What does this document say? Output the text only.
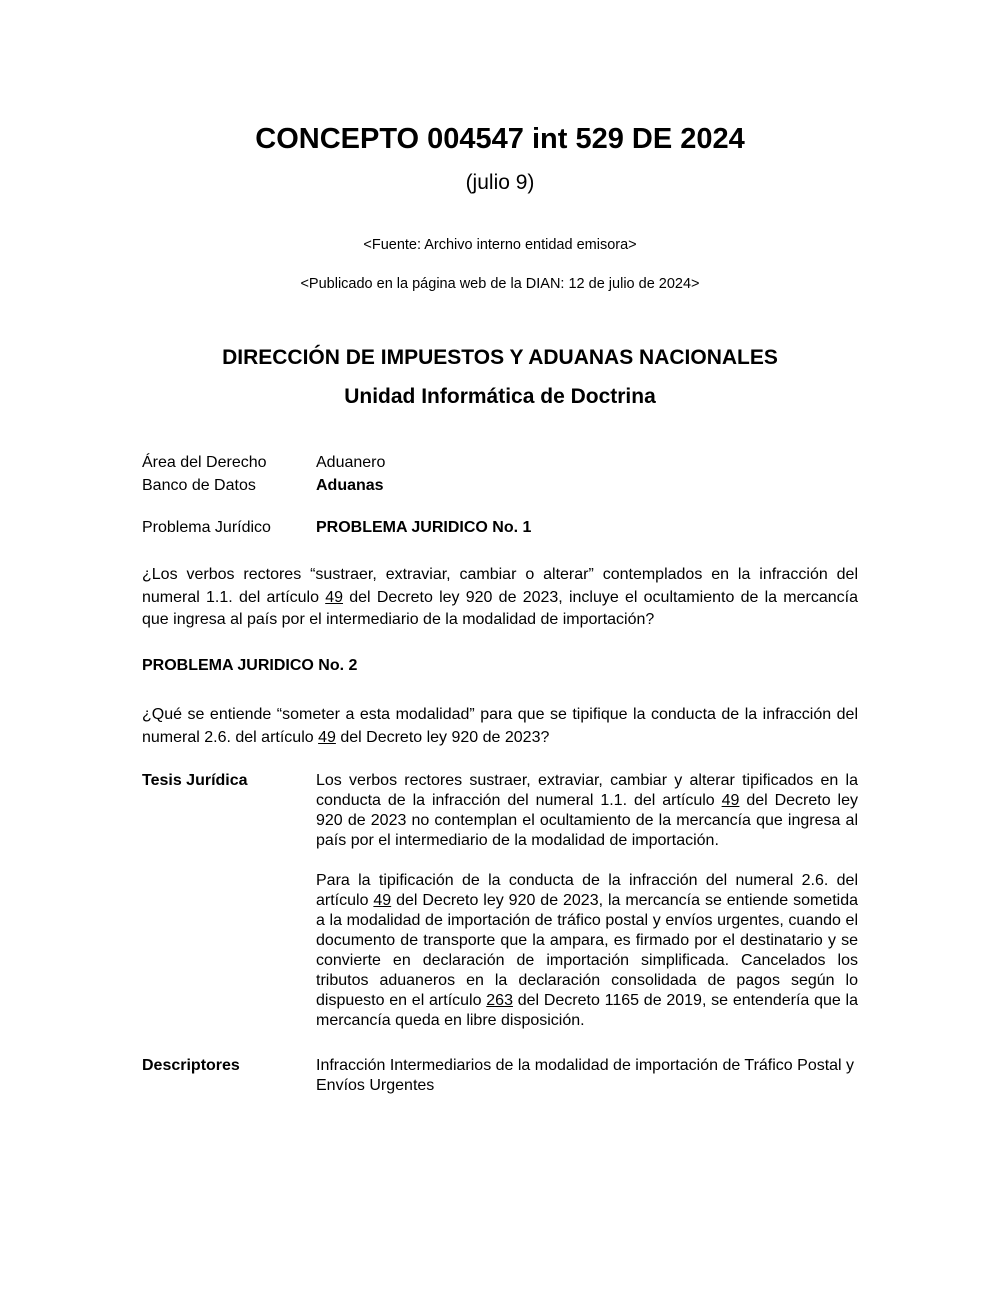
CONCEPTO 004547 int 529 DE 2024
(julio 9)
<Fuente: Archivo interno entidad emisora>
<Publicado en la página web de la DIAN: 12 de julio de 2024>
DIRECCIÓN DE IMPUESTOS Y ADUANAS NACIONALES
Unidad Informática de Doctrina
Área del Derecho	Aduanero
Banco de Datos	Aduanas
Problema Jurídico	PROBLEMA JURIDICO No. 1
¿Los verbos rectores “sustraer, extraviar, cambiar o alterar” contemplados en la infracción del numeral 1.1. del artículo 49 del Decreto ley 920 de 2023, incluye el ocultamiento de la mercancía que ingresa al país por el intermediario de la modalidad de importación?
PROBLEMA JURIDICO No. 2
¿Qué se entiende “someter a esta modalidad” para que se tipifique la conducta de la infracción del numeral 2.6. del artículo 49 del Decreto ley 920 de 2023?
Tesis Jurídica	Los verbos rectores sustraer, extraviar, cambiar y alterar tipificados en la conducta de la infracción del numeral 1.1. del artículo 49 del Decreto ley 920 de 2023 no contemplan el ocultamiento de la mercancía que ingresa al país por el intermediario de la modalidad de importación.

Para la tipificación de la conducta de la infracción del numeral 2.6. del artículo 49 del Decreto ley 920 de 2023, la mercancía se entiende sometida a la modalidad de importación de tráfico postal y envíos urgentes, cuando el documento de transporte que la ampara, es firmado por el destinatario y se convierte en declaración de importación simplificada. Cancelados los tributos aduaneros en la declaración consolidada de pagos según lo dispuesto en el artículo 263 del Decreto 1165 de 2019, se entendería que la mercancía queda en libre disposición.

Descriptores	Infracción Intermediarios de la modalidad de importación de Tráfico Postal y Envíos Urgentes
